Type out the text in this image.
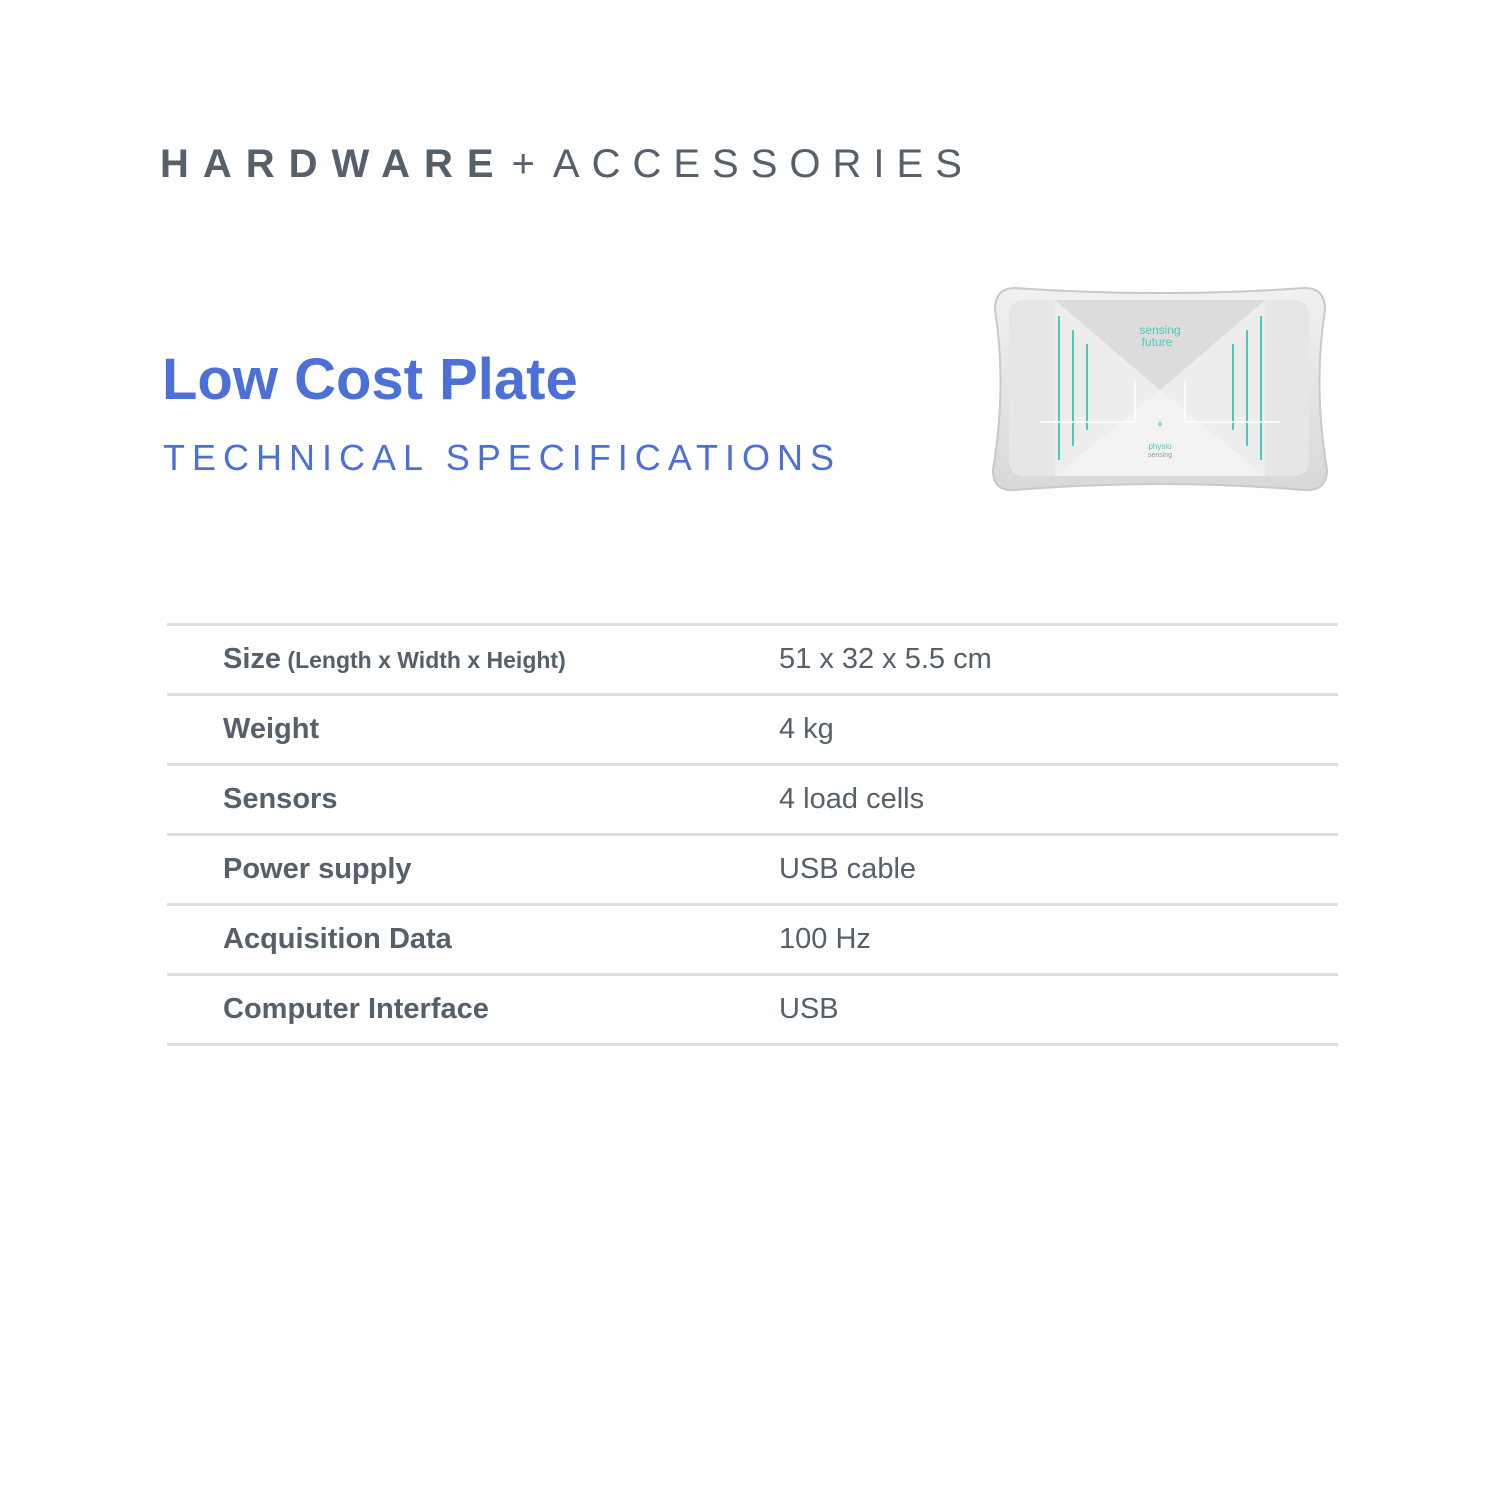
HARDWARE + ACCESSORIES
Low Cost Plate
TECHNICAL SPECIFICATIONS
sensing
future
+
physio
sensing
Size (Length x Width x Height)	51 x 32 x 5.5 cm
Weight	4 kg
Sensors	4 load cells
Power supply	USB cable
Acquisition Data	100 Hz
Computer Interface	USB
